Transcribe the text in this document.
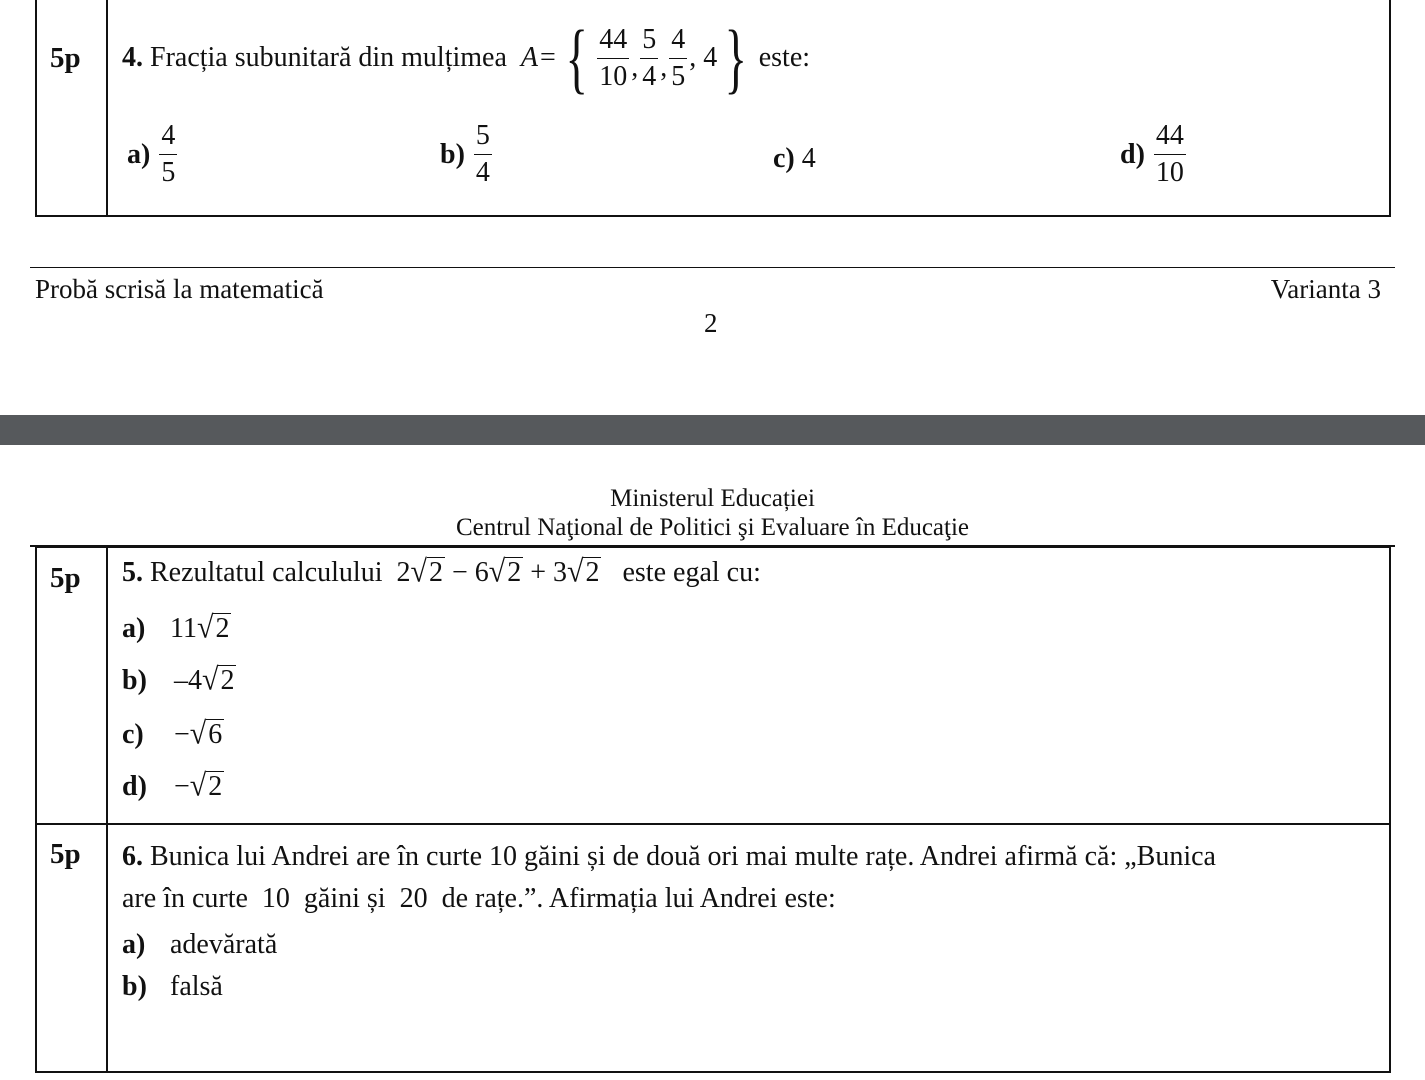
5p 4.
Fracția subunitară din mulțimea
A = { $\frac{44}{10}$ , $\frac{5}{4}$ , $\frac{4}{5}$ ,
4 } este:
a)
$\frac{4}{5}$	b)
$\frac{5}{4}$	c)
4	d)
$\frac{44}{10}$
Probă scrisă la matematică	Varianta 3
2
Ministerul Educației
Centrul Naţional de Politici şi Evaluare în Educaţie
5p 5. Rezultatul calculului 2 √ 2 − 6 √ 2 + 3 √ 2 este egal cu:
a) 11 √ 2
b) –4 √ 2
c) − √ 6
d) − √ 2
5p 6. Bunica lui Andrei are în curte 10 găini și de două ori mai multe rațe. Andrei afirmă că: „Bunica
are în curte  10  găini și  20  de rațe.”. Afirmația lui Andrei este:
a) adevărată
b) falsă
